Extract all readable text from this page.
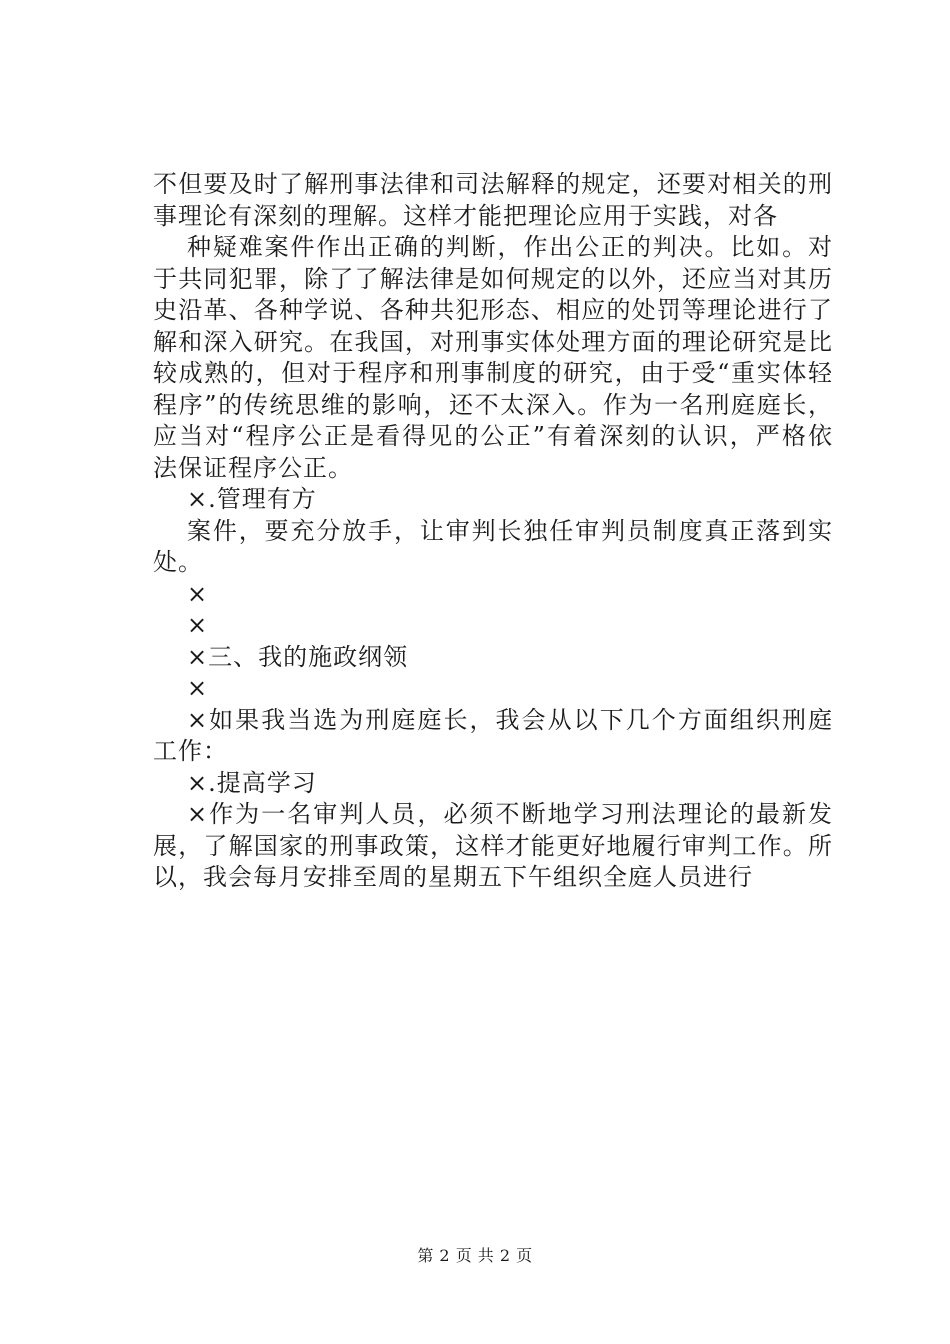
不但要及时了解刑事法律和司法解释的规定，还要对相关的刑
事理论有深刻的理解。这样才能把理论应用于实践，对各
种疑难案件作出正确的判断，作出公正的判决。比如。对
于共同犯罪，除了了解法律是如何规定的以外，还应当对其历
史沿革、各种学说、各种共犯形态、相应的处罚等理论进行了
解和深入研究。在我国，对刑事实体处理方面的理论研究是比
较成熟的，但对于程序和刑事制度的研究，由于受“重实体轻
程序”的传统思维的影响，还不太深入。作为一名刑庭庭长，
应当对“程序公正是看得见的公正”有着深刻的认识，严格依
法保证程序公正。
×.管理有方
案件，要充分放手，让审判长独任审判员制度真正落到实
处。
×
×
×三、我的施政纲领
×
×如果我当选为刑庭庭长，我会从以下几个方面组织刑庭
工作：
×.提高学习
×作为一名审判人员，必须不断地学习刑法理论的最新发
展，了解国家的刑事政策，这样才能更好地履行审判工作。所
以，我会每月安排至周的星期五下午组织全庭人员进行
第 2 页 共 2 页
